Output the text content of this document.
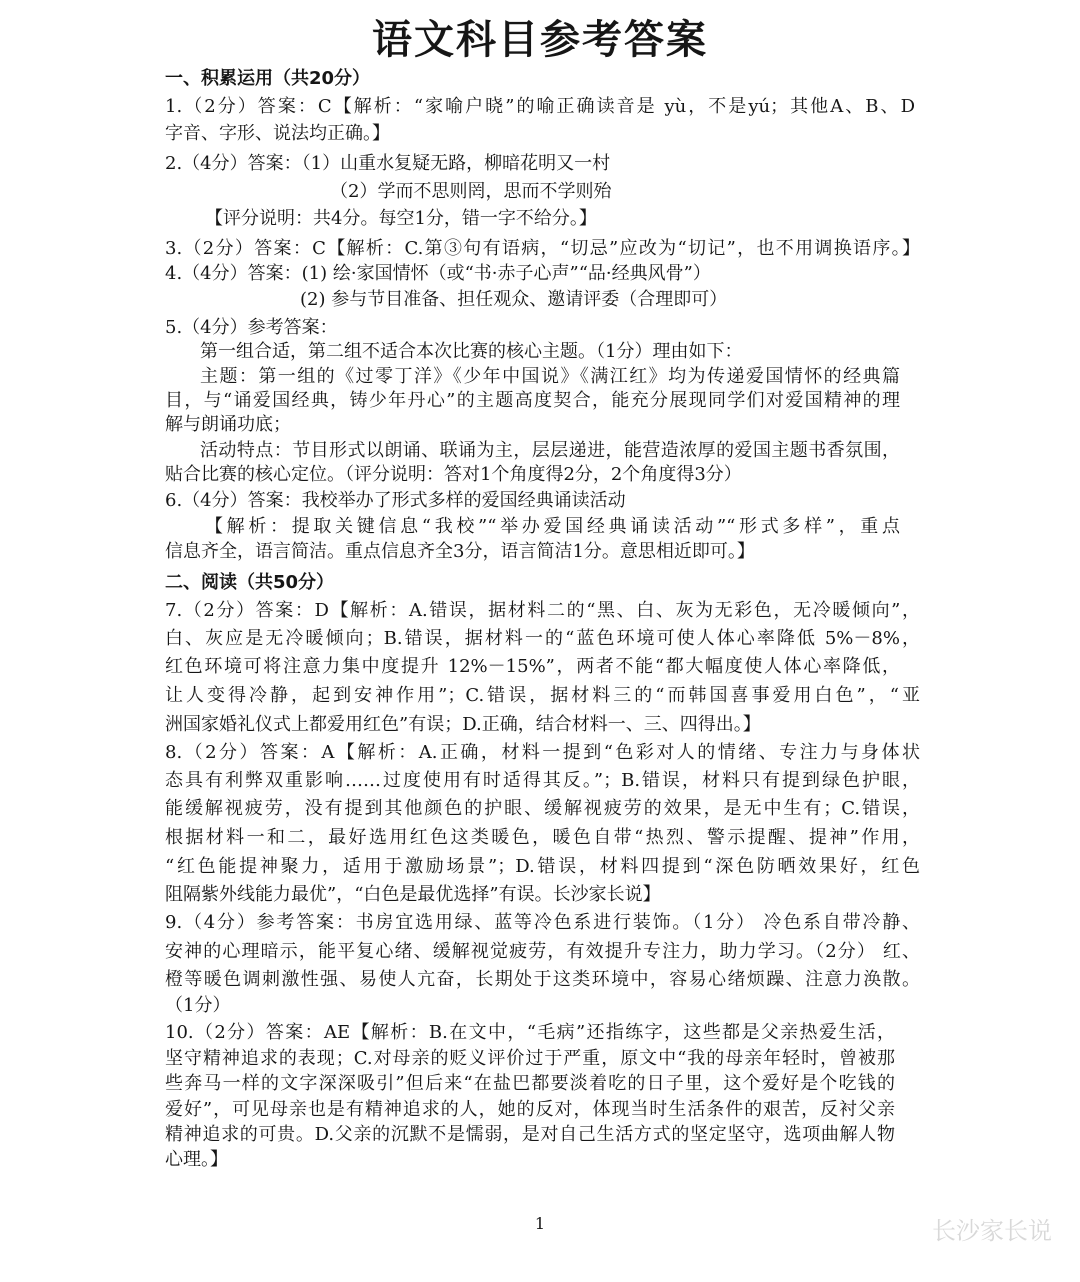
语文科目参考答案
一、积累运用（共20分）
1.（2分）答案：C【解析：“家喻户晓”的喻正确读音是 yù，不是yú；其他A、B、D
字音、字形、说法均正确。】
2.（4分）答案：（1）山重水复疑无路，柳暗花明又一村
（2）学而不思则罔，思而不学则殆
【评分说明：共4分。每空1分，错一字不给分。】
3.（2分）答案：C【解析：C.第③句有语病，“切忌”应改为“切记”，也不用调换语序。】
4.（4分）答案：(1) 绘·家国情怀（或“书·赤子心声”“品·经典风骨”）
(2) 参与节目准备、担任观众、邀请评委（合理即可）
5.（4分）参考答案：
第一组合适，第二组不适合本次比赛的核心主题。（1分）理由如下：
主题：第一组的《过零丁洋》《少年中国说》《满江红》均为传递爱国情怀的经典篇
目，与“诵爱国经典，铸少年丹心”的主题高度契合，能充分展现同学们对爱国精神的理
解与朗诵功底；
活动特点：节目形式以朗诵、联诵为主，层层递进，能营造浓厚的爱国主题书香氛围，
贴合比赛的核心定位。（评分说明：答对1个角度得2分，2个角度得3分）
6.（4分）答案：我校举办了形式多样的爱国经典诵读活动
【解析：提取关键信息“我校”“举办爱国经典诵读活动”“形式多样”，重点
信息齐全，语言简洁。重点信息齐全3分，语言简洁1分。意思相近即可。】
二、阅读（共50分）
7.（2分）答案：D【解析：A.错误，据材料二的“黑、白、灰为无彩色，无冷暖倾向”，
白、灰应是无冷暖倾向；B.错误，据材料一的“蓝色环境可使人体心率降低 5%－8%，
红色环境可将注意力集中度提升 12%－15%”，两者不能“都大幅度使人体心率降低，
让人变得冷静，起到安神作用”；C.错误，据材料三的“而韩国喜事爱用白色”，“亚
洲国家婚礼仪式上都爱用红色”有误；D.正确，结合材料一、三、四得出。】
8.（2分）答案：A【解析：A.正确，材料一提到“色彩对人的情绪、专注力与身体状
态具有利弊双重影响……过度使用有时适得其反。”；B.错误，材料只有提到绿色护眼，
能缓解视疲劳，没有提到其他颜色的护眼、缓解视疲劳的效果，是无中生有；C.错误，
根据材料一和二，最好选用红色这类暖色，暖色自带“热烈、警示提醒、提神”作用，
“红色能提神聚力，适用于激励场景”；D.错误，材料四提到“深色防晒效果好，红色
阻隔紫外线能力最优”，“白色是最优选择”有误。长沙家长说】
9.（4分）参考答案：书房宜选用绿、蓝等冷色系进行装饰。（1分） 冷色系自带冷静、
安神的心理暗示，能平复心绪、缓解视觉疲劳，有效提升专注力，助力学习。（2分） 红、
橙等暖色调刺激性强、易使人亢奋，长期处于这类环境中，容易心绪烦躁、注意力涣散。
（1分）
10.（2分）答案：AE【解析：B.在文中，“毛病”还指练字，这些都是父亲热爱生活，
坚守精神追求的表现；C.对母亲的贬义评价过于严重，原文中“我的母亲年轻时，曾被那
些奔马一样的文字深深吸引”但后来“在盐巴都要淡着吃的日子里，这个爱好是个吃钱的
爱好”，可见母亲也是有精神追求的人，她的反对，体现当时生活条件的艰苦，反衬父亲
精神追求的可贵。D.父亲的沉默不是懦弱，是对自己生活方式的坚定坚守，选项曲解人物
心理。】
1	长沙家长说
